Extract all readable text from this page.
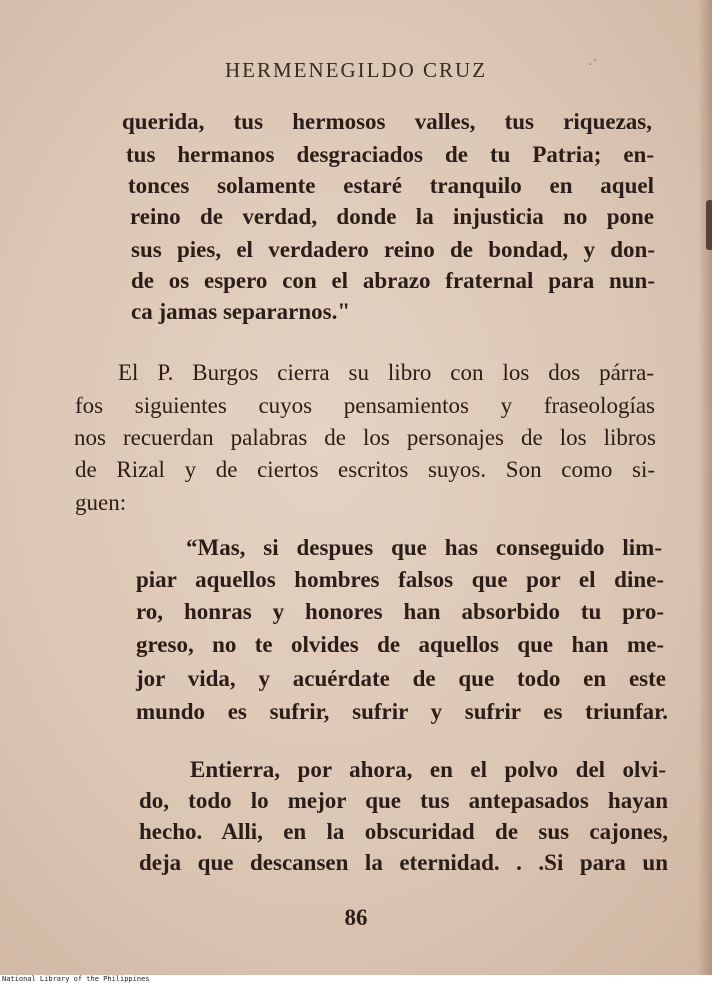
HERMENEGILDO CRUZ	·ˊ
querida, tus hermosos valles, tus riquezas,
tus hermanos desgraciados de tu Patria; en-
tonces solamente estaré tranquilo en aquel
reino de verdad, donde la injusticia no pone
sus pies, el verdadero reino de bondad, y don-
de os espero con el abrazo fraternal para nun-
ca jamas separarnos."
El P. Burgos cierra su libro con los dos párra-
fos siguientes cuyos pensamientos y fraseologías
nos recuerdan palabras de los personajes de los libros
de Rizal y de ciertos escritos suyos. Son como si-
guen:
“Mas, si despues que has conseguido lim-
piar aquellos hombres falsos que por el dine-
ro, honras y honores han absorbido tu pro-
greso, no te olvides de aquellos que han me-
jor vida, y acuérdate de que todo en este
mundo es sufrir, sufrir y sufrir es triunfar.
Entierra, por ahora, en el polvo del olvi-
do, todo lo mejor que tus antepasados hayan
hecho. Alli, en la obscuridad de sus cajones,
deja que descansen la eternidad. . .Si para un
86
National Library of the Philippines
